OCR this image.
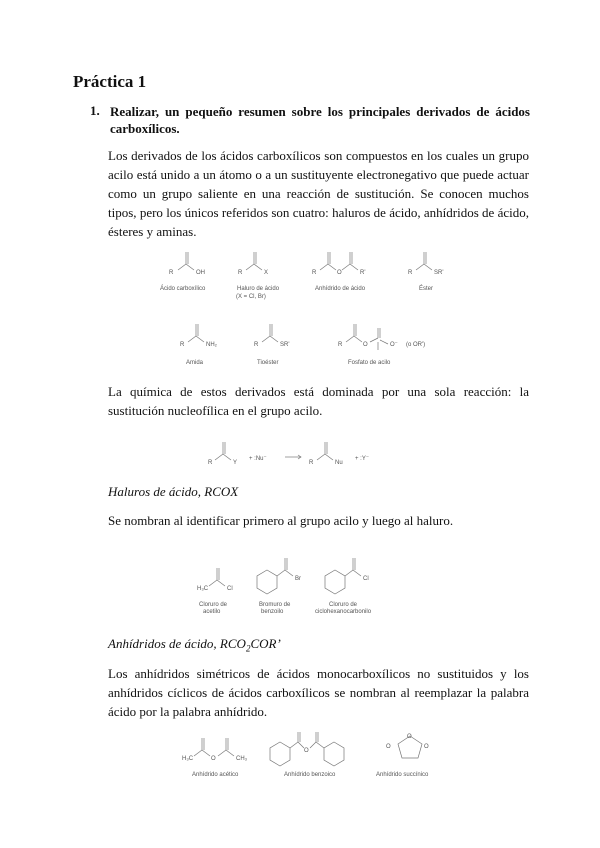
Práctica 1
1. Realizar, un pequeño resumen sobre los principales derivados de ácidos carboxílicos.
Los derivados de los ácidos carboxílicos son compuestos en los cuales un grupo acilo está unido a un átomo o a un sustituyente electronegativo que puede actuar como un grupo saliente en una reacción de sustitución. Se conocen muchos tipos, pero los únicos referidos son cuatro: haluros de ácido, anhídridos de ácido, ésteres y aminas.
R	OH
Ácido carboxílico
R	X
Haluro de ácido
(X = Cl, Br)
R	O	R'
Anhídrido de ácido
R	SR'
Éster
R	NH₂
Amida
R	SR'
Tioéster
R	O	O⁻ (o OR')
Fosfato de acilo
La química de estos derivados está dominada por una sola reacción: la sustitución nucleofílica en el grupo acilo.
R	Y
+ :Nu⁻
R	Nu
+ :Y⁻
Haluros de ácido, RCOX
Se nombran al identificar primero al grupo acilo y luego al haluro.
H₃C	Cl
Cloruro de
acetilo
Br
Bromuro de
benzoilo
Cl
Cloruro de
ciclohexanocarbonilo
Anhídridos de ácido, $RCO_2COR$’
Los anhídridos simétricos de ácidos monocarboxílicos no sustituidos y los anhídridos cíclicos de ácidos carboxílicos se nombran al reemplazar la palabra ácido por la palabra anhídrido.
H₃C	O	CH₃
Anhídrido acético
O
Anhídrido benzoico
O	O
O
Anhídrido succínico
